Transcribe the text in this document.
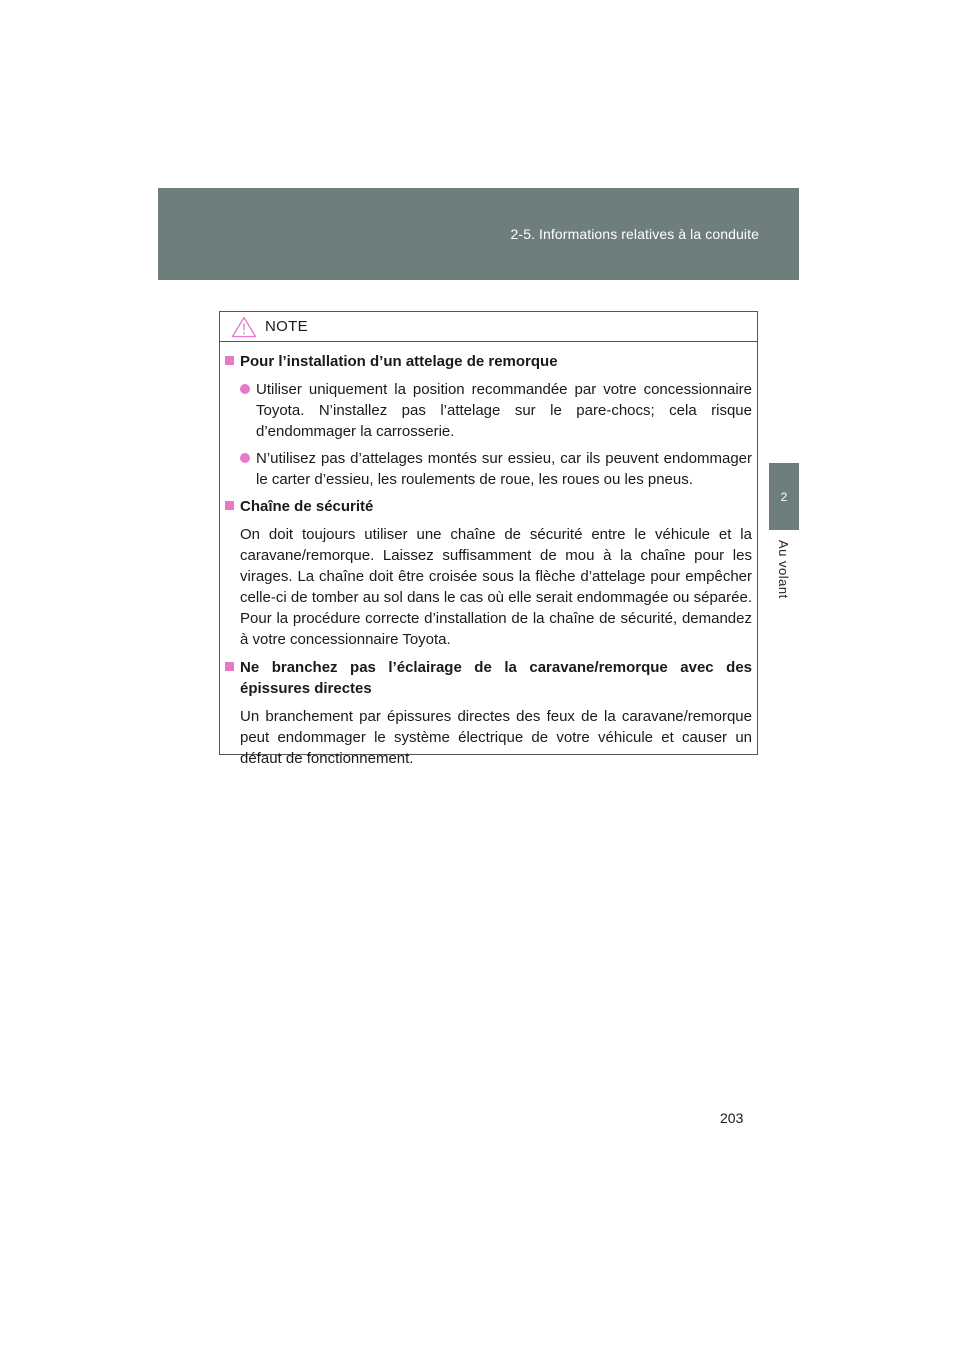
2-5. Informations relatives à la conduite
2
Au volant
NOTE
Pour l’installation d’un attelage de remorque
Utiliser uniquement la position recommandée par votre concessionnaire Toyota. N’installez pas l’attelage sur le pare-chocs; cela risque d’endommager la carrosserie.
N’utilisez pas d’attelages montés sur essieu, car ils peuvent endommager le carter d’essieu, les roulements de roue, les roues ou les pneus.
Chaîne de sécurité
On doit toujours utiliser une chaîne de sécurité entre le véhicule et la caravane/remorque. Laissez suffisamment de mou à la chaîne pour les virages. La chaîne doit être croisée sous la flèche d’attelage pour empêcher celle-ci de tomber au sol dans le cas où elle serait endommagée ou séparée. Pour la procédure correcte d’installation de la chaîne de sécurité, demandez à votre concessionnaire Toyota.
Ne branchez pas l’éclairage de la caravane/remorque avec des épissures directes
Un branchement par épissures directes des feux de la caravane/remorque peut endommager le système électrique de votre véhicule et causer un défaut de fonctionnement.
203
